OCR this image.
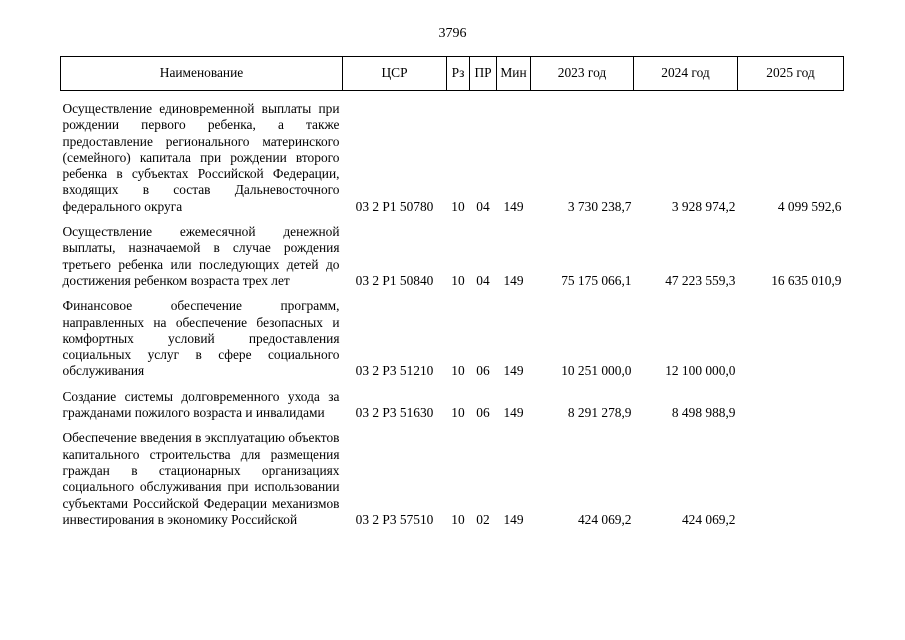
3796
Наименование	ЦСР	Рз	ПР	Мин	2023 год	2024 год	2025 год
Осуществление единовременной выплаты при рождении первого ребенка, а также предоставление регионального материнского (семейного) капитала при рождении второго ребенка в субъектах Российской Федерации, входящих в состав Дальневосточного федерального округа	03 2 P1 50780	10	04	149	3 730 238,7	3 928 974,2	4 099 592,6
Осуществление ежемесячной денежной выплаты, назначаемой в случае рождения третьего ребенка или последующих детей до достижения ребенком возраста трех лет	03 2 P1 50840	10	04	149	75 175 066,1	47 223 559,3	16 635 010,9
Финансовое обеспечение программ, направленных на обеспечение безопасных и комфортных условий предоставления социальных услуг в сфере социального обслуживания	03 2 P3 51210	10	06	149	10 251 000,0	12 100 000,0	
Создание системы долговременного ухода за гражданами пожилого возраста и инвалидами	03 2 P3 51630	10	06	149	8 291 278,9	8 498 988,9	
Обеспечение введения в эксплуатацию объектов капитального строительства для размещения граждан в стационарных организациях социального обслуживания при использовании субъектами Российской Федерации механизмов инвестирования в экономику Российской	03 2 P3 57510	10	02	149	424 069,2	424 069,2	
